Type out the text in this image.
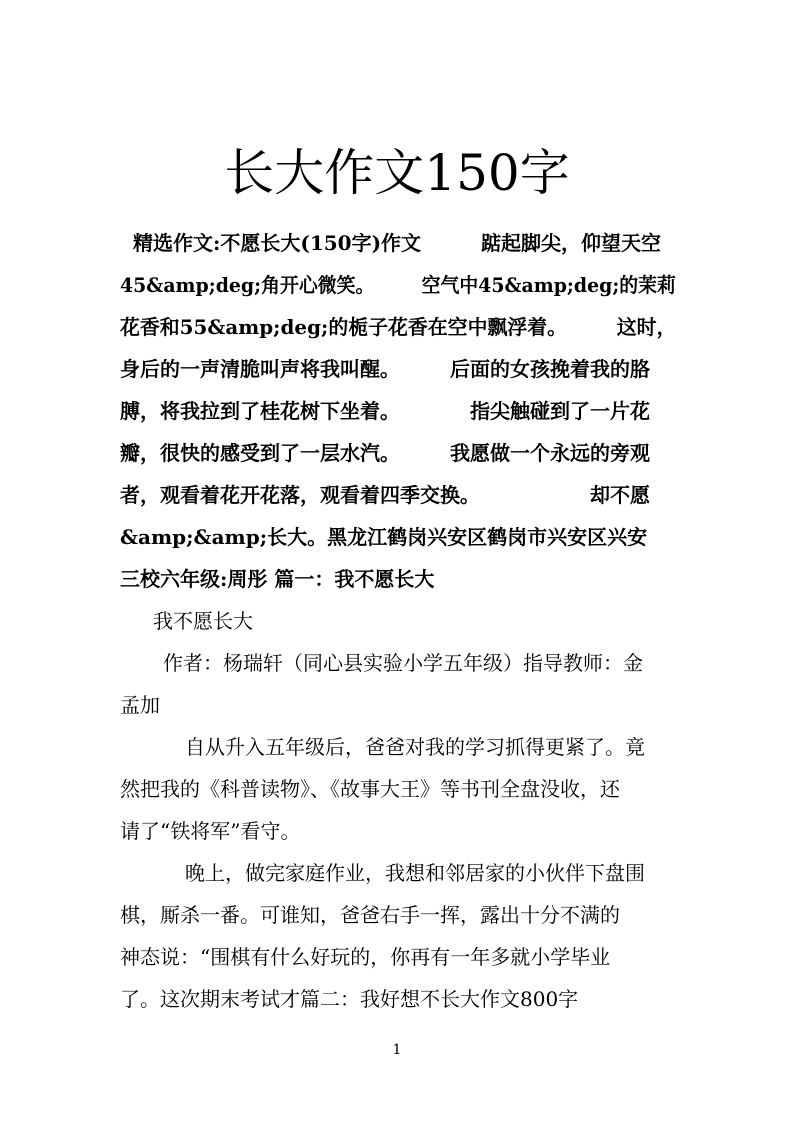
长大作文150字
精选作文:不愿长大(150字)作文　　　踮起脚尖，仰望天空
45&amp;deg;角开心微笑。　　　空气中45&amp;deg;的茉莉
花香和55&amp;deg;的栀子花香在空中飘浮着。　　　这时，
身后的一声清脆叫声将我叫醒。　　　后面的女孩挽着我的胳
膊，将我拉到了桂花树下坐着。　　　　指尖触碰到了一片花
瓣，很快的感受到了一层水汽。　　　我愿做一个永远的旁观
者，观看着花开花落，观看着四季交换。　　　　　　却不愿
&amp;&amp;长大。黑龙江鹤岗兴安区鹤岗市兴安区兴安
三校六年级:周彤 篇一：我不愿长大
我不愿长大
作者：杨瑞轩（同心县实验小学五年级）指导教师：金
孟加
自从升入五年级后，爸爸对我的学习抓得更紧了。竟
然把我的《科普读物》、《故事大王》等书刊全盘没收，还
请了“铁将军”看守。
晚上，做完家庭作业，我想和邻居家的小伙伴下盘围
棋，厮杀一番。可谁知，爸爸右手一挥，露出十分不满的
神态说：“围棋有什么好玩的，你再有一年多就小学毕业
了。这次期末考试才篇二：我好想不长大作文800字
1
